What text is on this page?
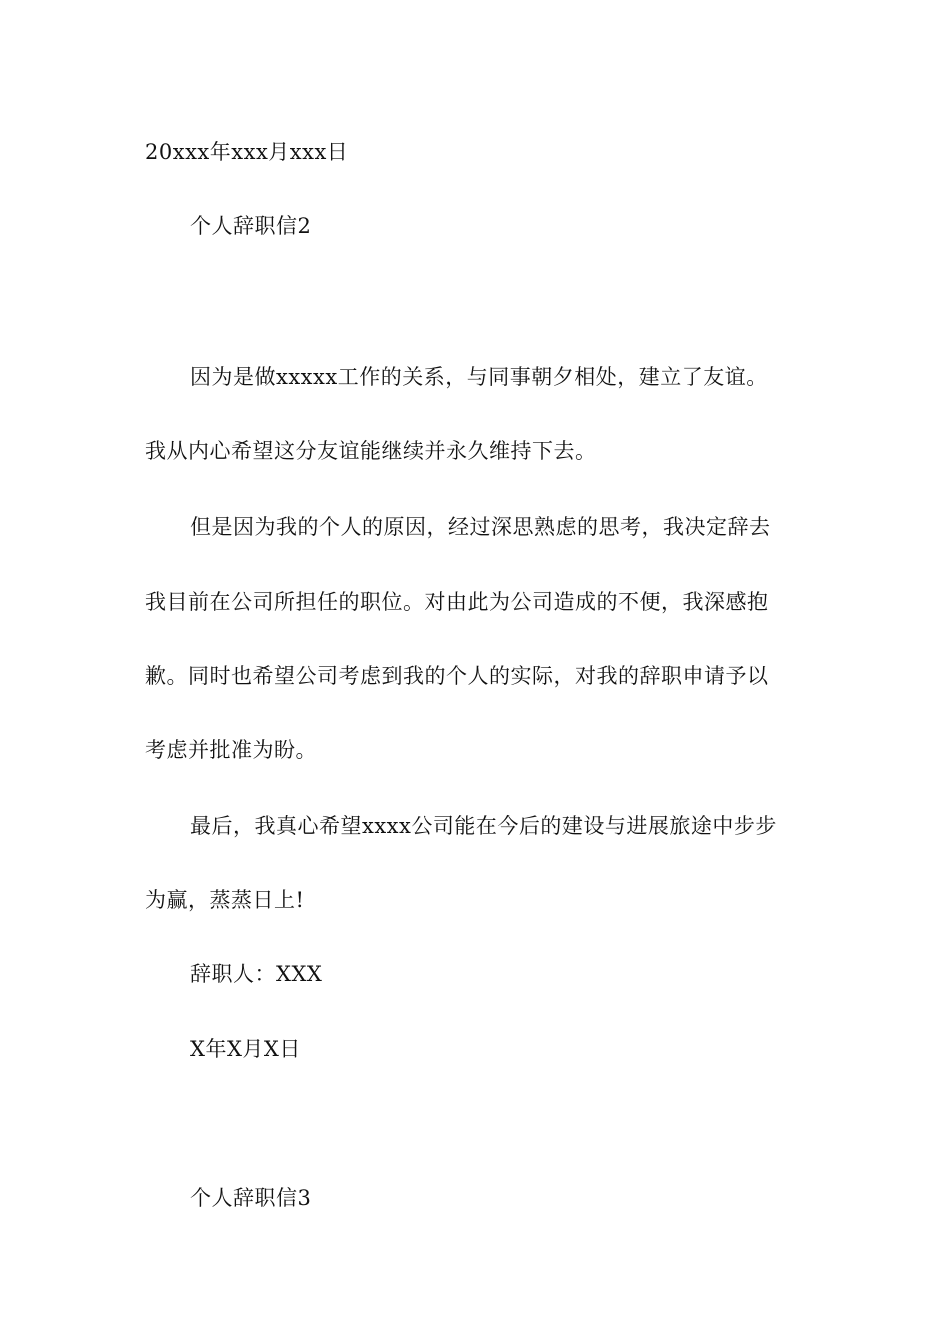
20xxx年xxx月xxx日
个人辞职信2
因为是做xxxxx工作的关系，与同事朝夕相处，建立了友谊。
我从内心希望这分友谊能继续并永久维持下去。
但是因为我的个人的原因，经过深思熟虑的思考，我决定辞去
我目前在公司所担任的职位。对由此为公司造成的不便，我深感抱
歉。同时也希望公司考虑到我的个人的实际，对我的辞职申请予以
考虑并批准为盼。
最后，我真心希望xxxx公司能在今后的建设与进展旅途中步步
为赢，蒸蒸日上!
辞职人：XXX
X年X月X日
个人辞职信3
